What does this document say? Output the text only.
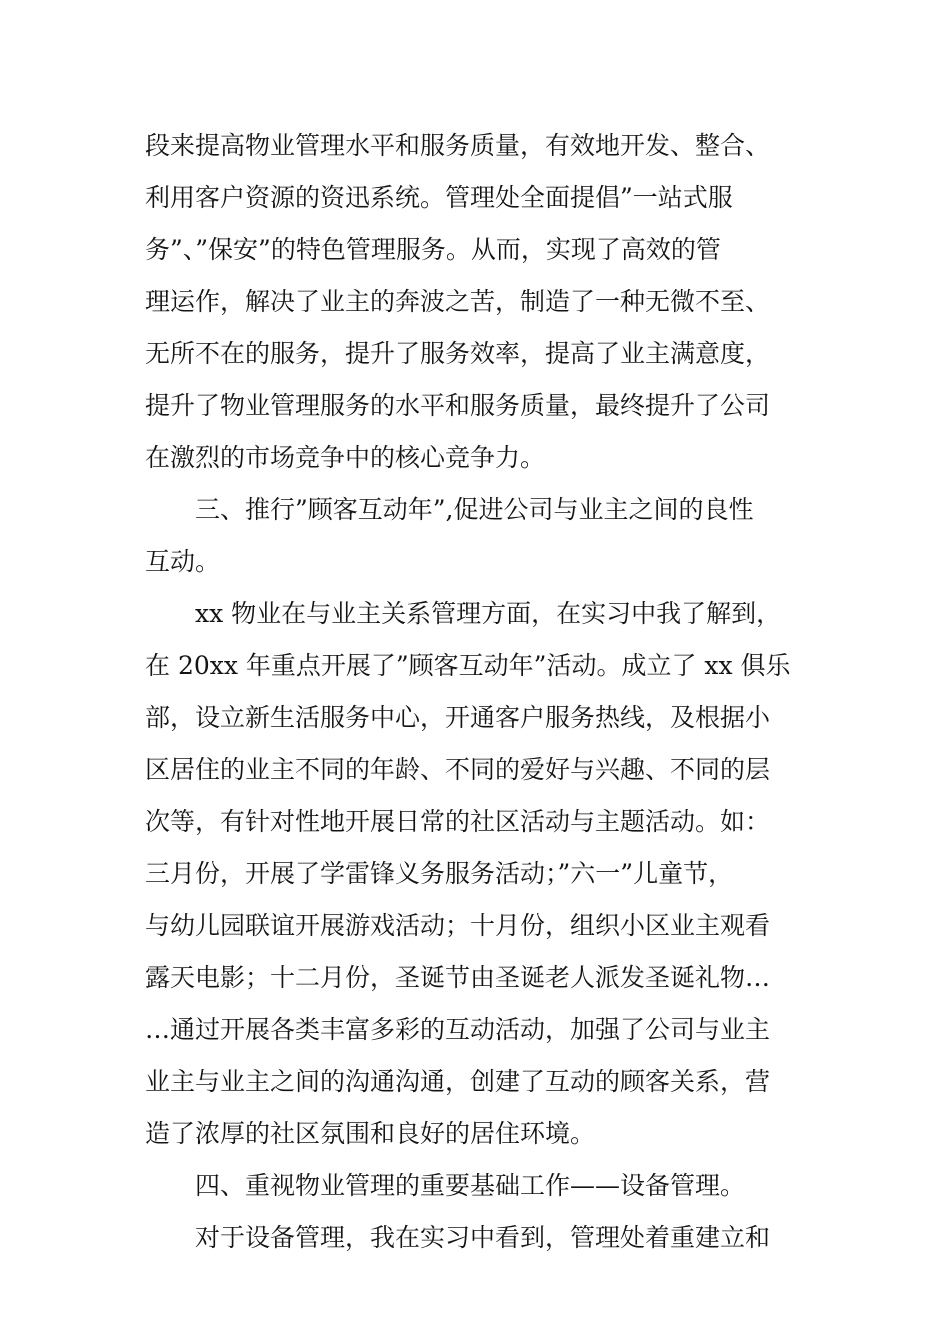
段来提高物业管理水平和服务质量，有效地开发、整合、
利用客户资源的资迅系统。管理处全面提倡”一站式服
务”、”保安”的特色管理服务。从而，实现了高效的管
理运作，解决了业主的奔波之苦，制造了一种无微不至、
无所不在的服务，提升了服务效率，提高了业主满意度，
提升了物业管理服务的水平和服务质量，最终提升了公司
在激烈的市场竞争中的核心竞争力。
三、推行”顾客互动年”,促进公司与业主之间的良性
互动。
xx 物业在与业主关系管理方面，在实习中我了解到，
在 20xx 年重点开展了”顾客互动年”活动。成立了 xx 俱乐
部，设立新生活服务中心，开通客户服务热线，及根据小
区居住的业主不同的年龄、不同的爱好与兴趣、不同的层
次等，有针对性地开展日常的社区活动与主题活动。如：
三月份，开展了学雷锋义务服务活动；”六一”儿童节，
与幼儿园联谊开展游戏活动；十月份，组织小区业主观看
露天电影；十二月份，圣诞节由圣诞老人派发圣诞礼物…
…通过开展各类丰富多彩的互动活动，加强了公司与业主
业主与业主之间的沟通沟通，创建了互动的顾客关系，营
造了浓厚的社区氛围和良好的居住环境。
四、重视物业管理的重要基础工作——设备管理。
对于设备管理，我在实习中看到，管理处着重建立和
